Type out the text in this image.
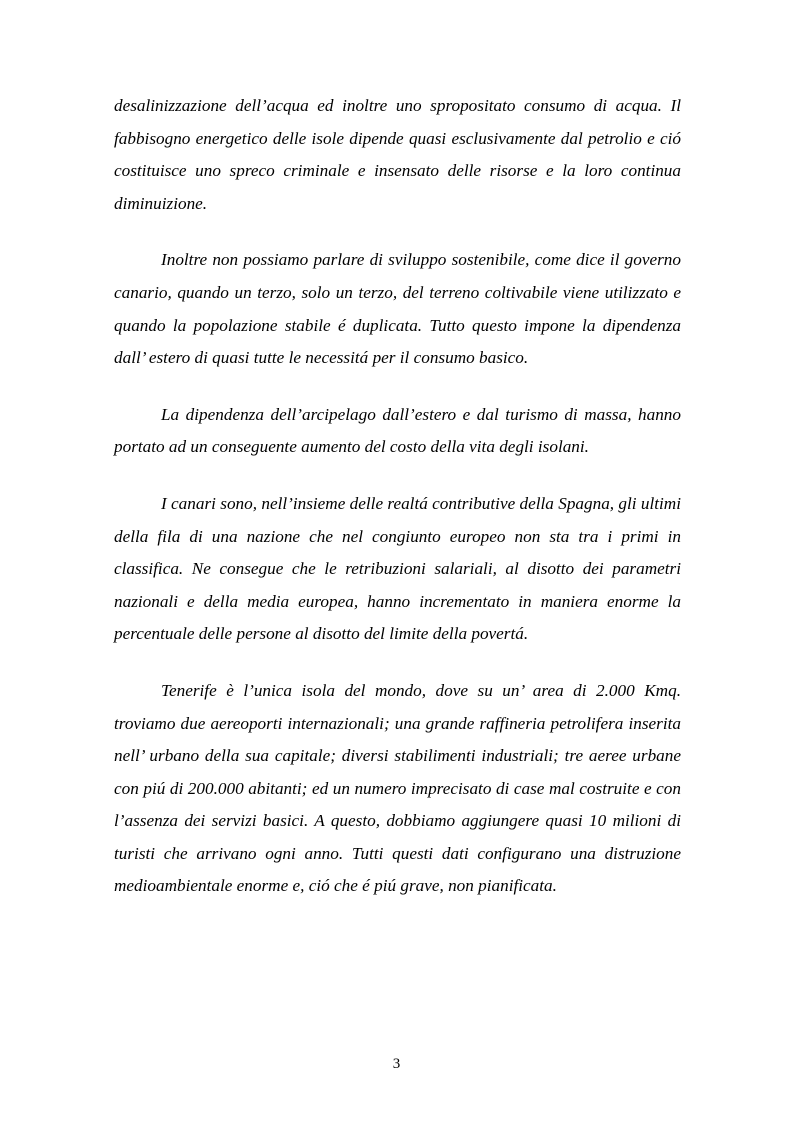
desalinizzazione dell’acqua ed inoltre uno spropositato consumo di acqua. Il fabbisogno energetico delle isole dipende quasi esclusivamente dal petrolio e ció costituisce uno spreco criminale e insensato delle risorse e la loro continua diminuizione.

Inoltre non possiamo parlare di sviluppo sostenibile, come dice il governo canario, quando un terzo, solo un terzo, del terreno coltivabile viene utilizzato e quando la popolazione stabile é duplicata. Tutto questo impone la dipendenza dall’ estero di quasi tutte le necessitá per il consumo basico.

La dipendenza dell’arcipelago dall’estero e dal turismo di massa, hanno portato ad un conseguente aumento del costo della vita degli isolani.

I canari sono, nell’insieme delle realtá contributive della Spagna, gli ultimi della fila di una nazione che nel congiunto europeo non sta tra i primi in classifica. Ne consegue che le retribuzioni salariali, al disotto dei parametri nazionali e della media europea, hanno incrementato in maniera enorme la percentuale delle persone al disotto del limite della povertá.

Tenerife è l’unica isola del mondo, dove su un’ area di 2.000 Kmq. troviamo due aereoporti internazionali; una grande raffineria petrolifera inserita nell’ urbano della sua capitale; diversi stabilimenti industriali; tre aeree urbane con piú di 200.000 abitanti; ed un numero imprecisato di case mal costruite e con l’assenza dei servizi basici. A questo, dobbiamo aggiungere quasi 10 milioni di turisti che arrivano ogni anno. Tutti questi dati configurano una distruzione medioambientale enorme e, ció che é piú grave, non pianificata.

3
